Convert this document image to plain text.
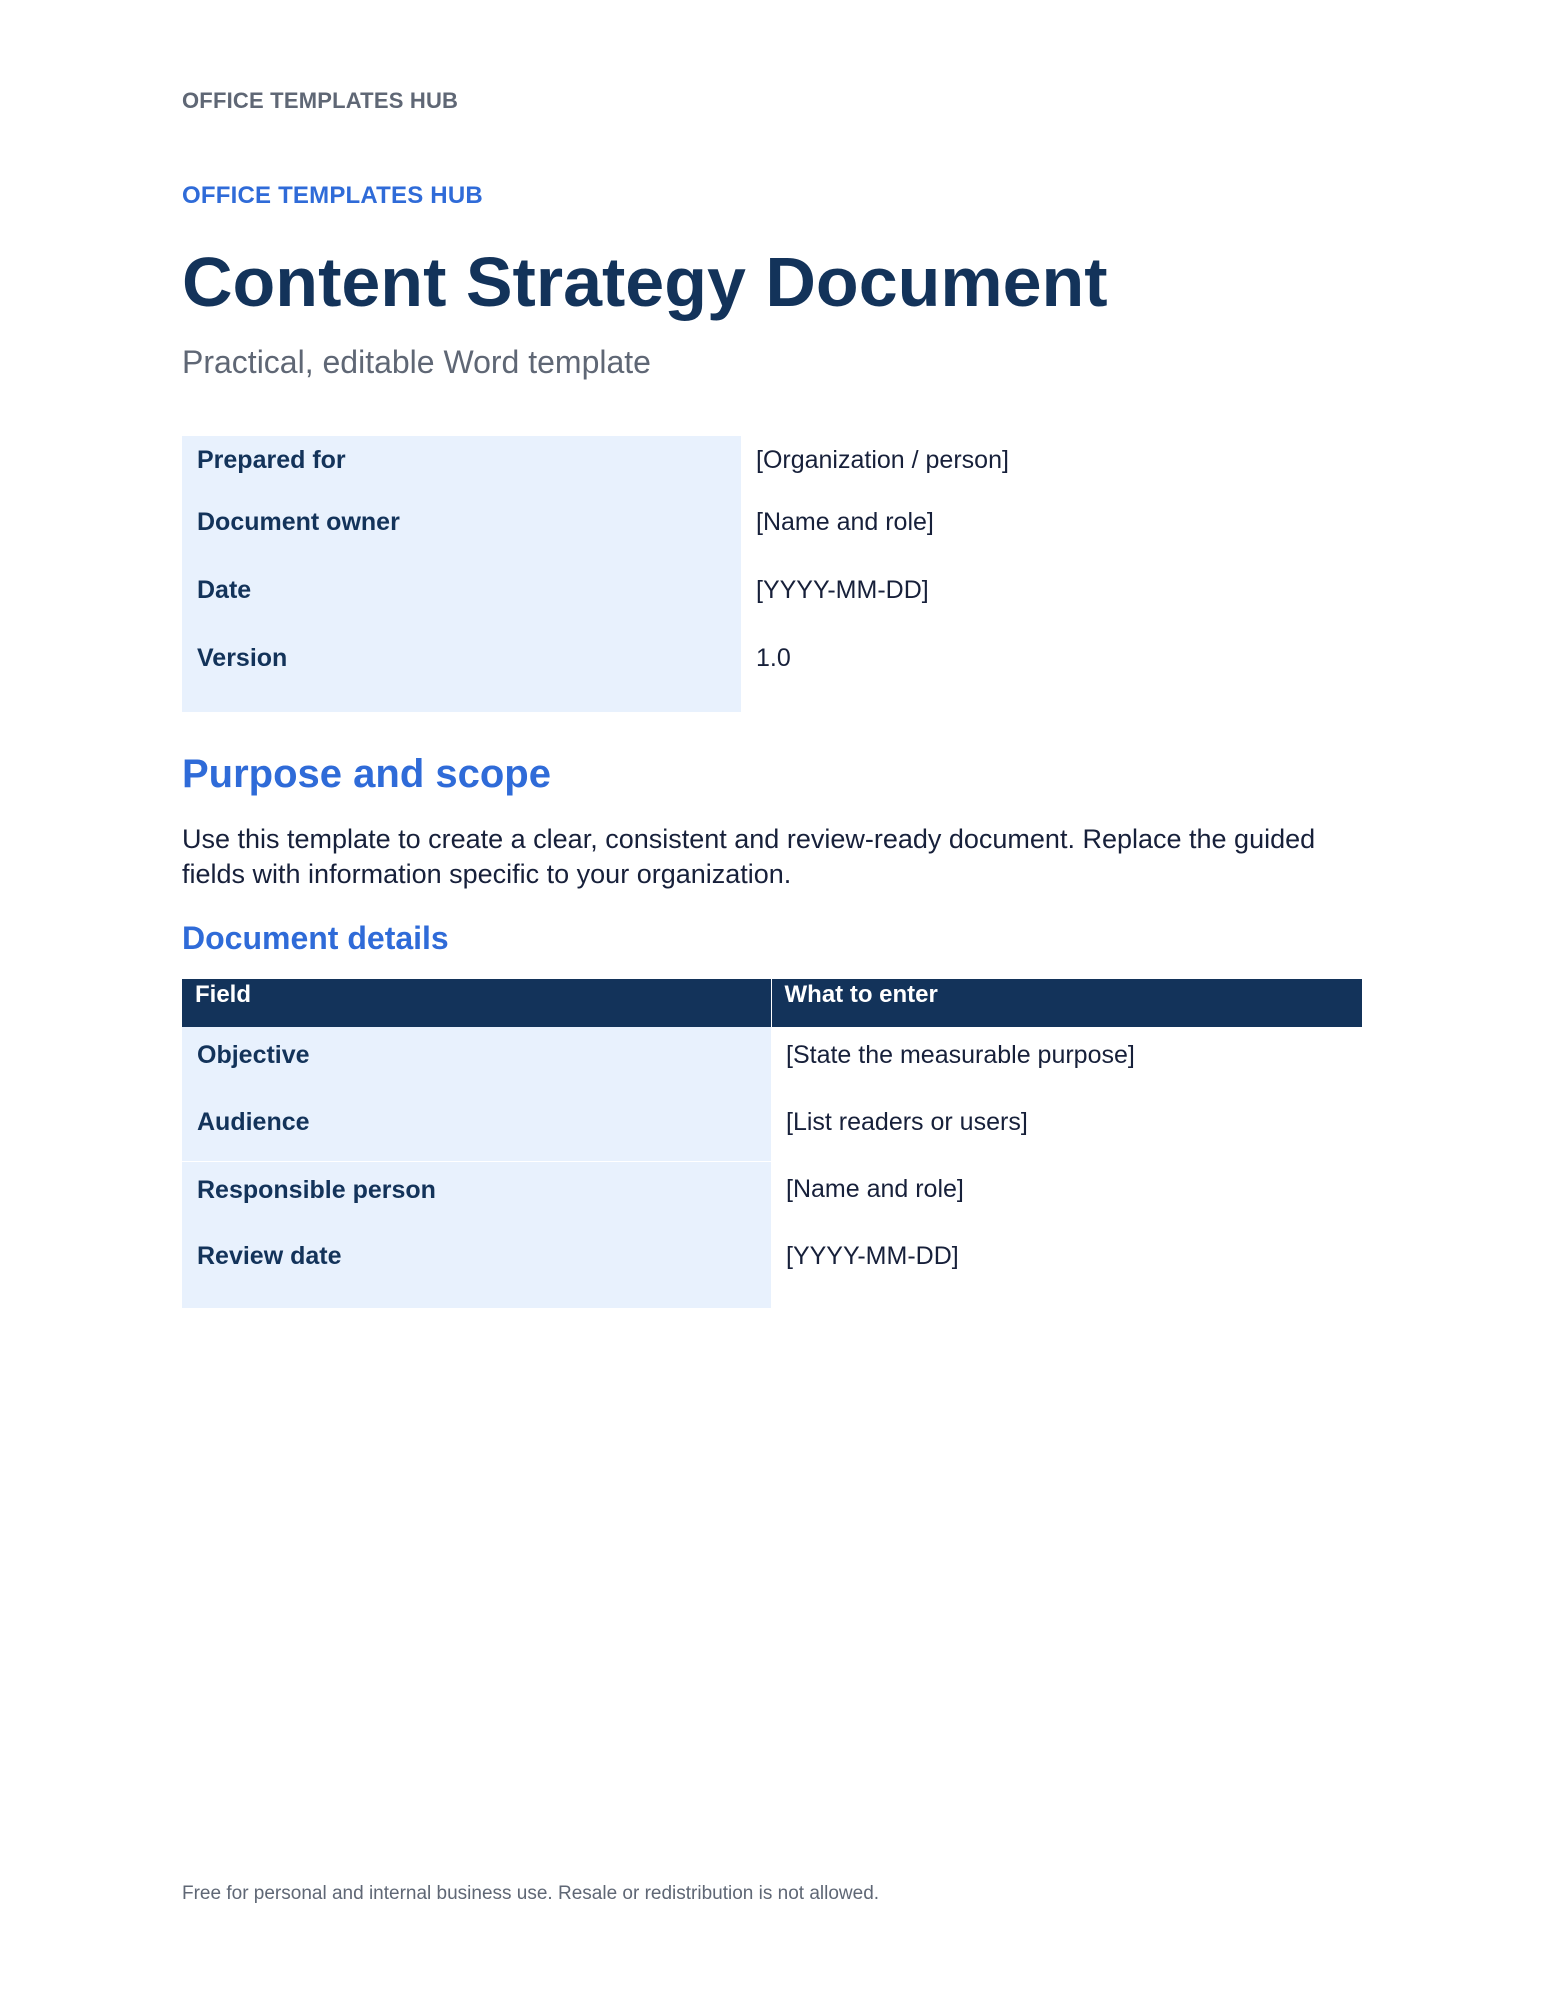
OFFICE TEMPLATES HUB
OFFICE TEMPLATES HUB
Content Strategy Document
Practical, editable Word template
Prepared for	[Organization / person]
Document owner	[Name and role]
Date	[YYYY-MM-DD]
Version	1.0
Purpose and scope
Use this template to create a clear, consistent and review-ready document. Replace the guided fields with information specific to your organization.
Document details
Field	What to enter
Objective	[State the measurable purpose]
Audience	[List readers or users]
Responsible person	[Name and role]
Review date	[YYYY-MM-DD]
Free for personal and internal business use. Resale or redistribution is not allowed.
